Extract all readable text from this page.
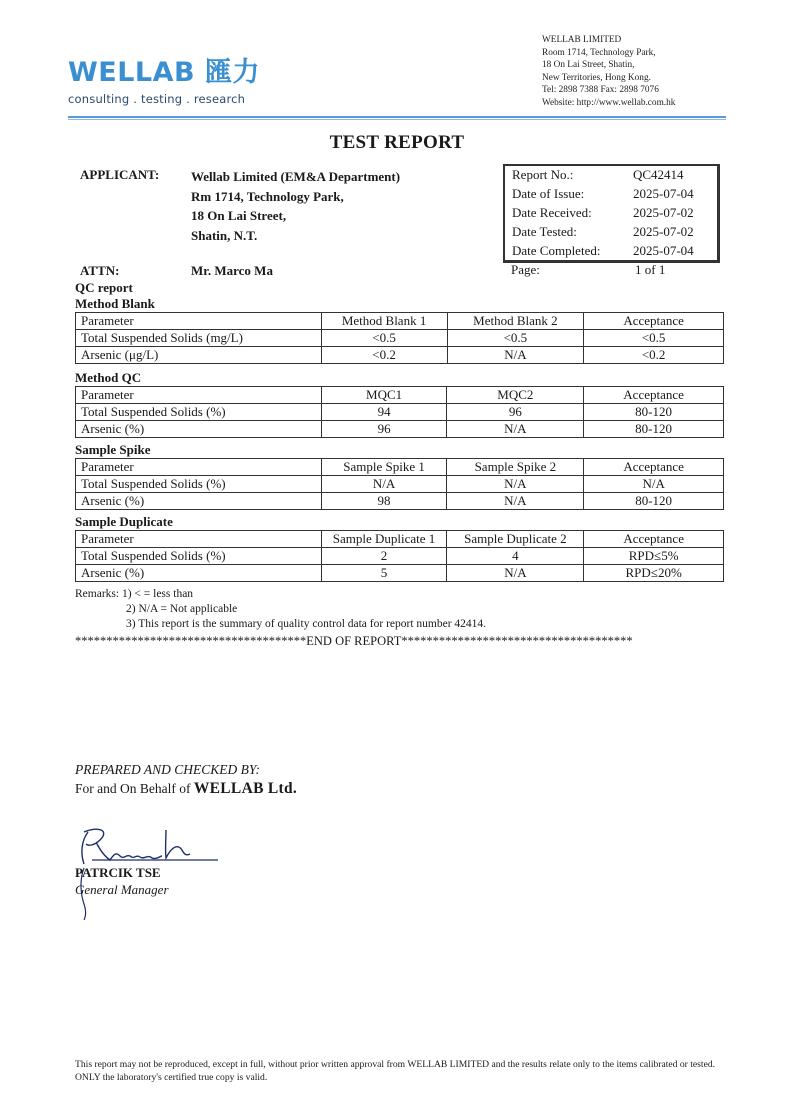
WELLAB 匯力
consulting . testing . research
WELLAB LIMITED
Room 1714, Technology Park,
18 On Lai Street, Shatin,
New Territories, Hong Kong.
Tel: 2898 7388 Fax: 2898 7076
Website: http://www.wellab.com.hk
TEST REPORT
APPLICANT: Wellab Limited (EM&A Department)
Rm 1714, Technology Park,
18 On Lai Street,
Shatin, N.T.
ATTN:	Mr. Marco Ma
Report No.:	QC42414
Date of Issue:	2025-07-04
Date Received:	2025-07-02
Date Tested:	2025-07-02
Date Completed:	2025-07-04
Page:	1 of 1
QC report
Method Blank
Parameter	Method Blank 1	Method Blank 2	Acceptance
Total Suspended Solids (mg/L)	<0.5	<0.5	<0.5
Arsenic (μg/L)	<0.2	N/A	<0.2
Method QC
Parameter	MQC1	MQC2	Acceptance
Total Suspended Solids (%)	94	96	80-120
Arsenic (%)	96	N/A	80-120
Sample Spike
Parameter	Sample Spike 1	Sample Spike 2	Acceptance
Total Suspended Solids (%)	N/A	N/A	N/A
Arsenic (%)	98	N/A	80-120
Sample Duplicate
Parameter	Sample Duplicate 1	Sample Duplicate 2	Acceptance
Total Suspended Solids (%)	2	4	RPD≤5%
Arsenic (%)	5	N/A	RPD≤20%
Remarks: 1) < = less than
2) N/A = Not applicable
3) This report is the summary of quality control data for report number 42414.
*************************************END OF REPORT*************************************
PREPARED AND CHECKED BY:
For and On Behalf of WELLAB Ltd.
PATRCIK TSE
General Manager
This report may not be reproduced, except in full, without prior written approval from WELLAB LIMITED and the results relate only to the items calibrated or tested. ONLY the laboratory's certified true copy is valid.
